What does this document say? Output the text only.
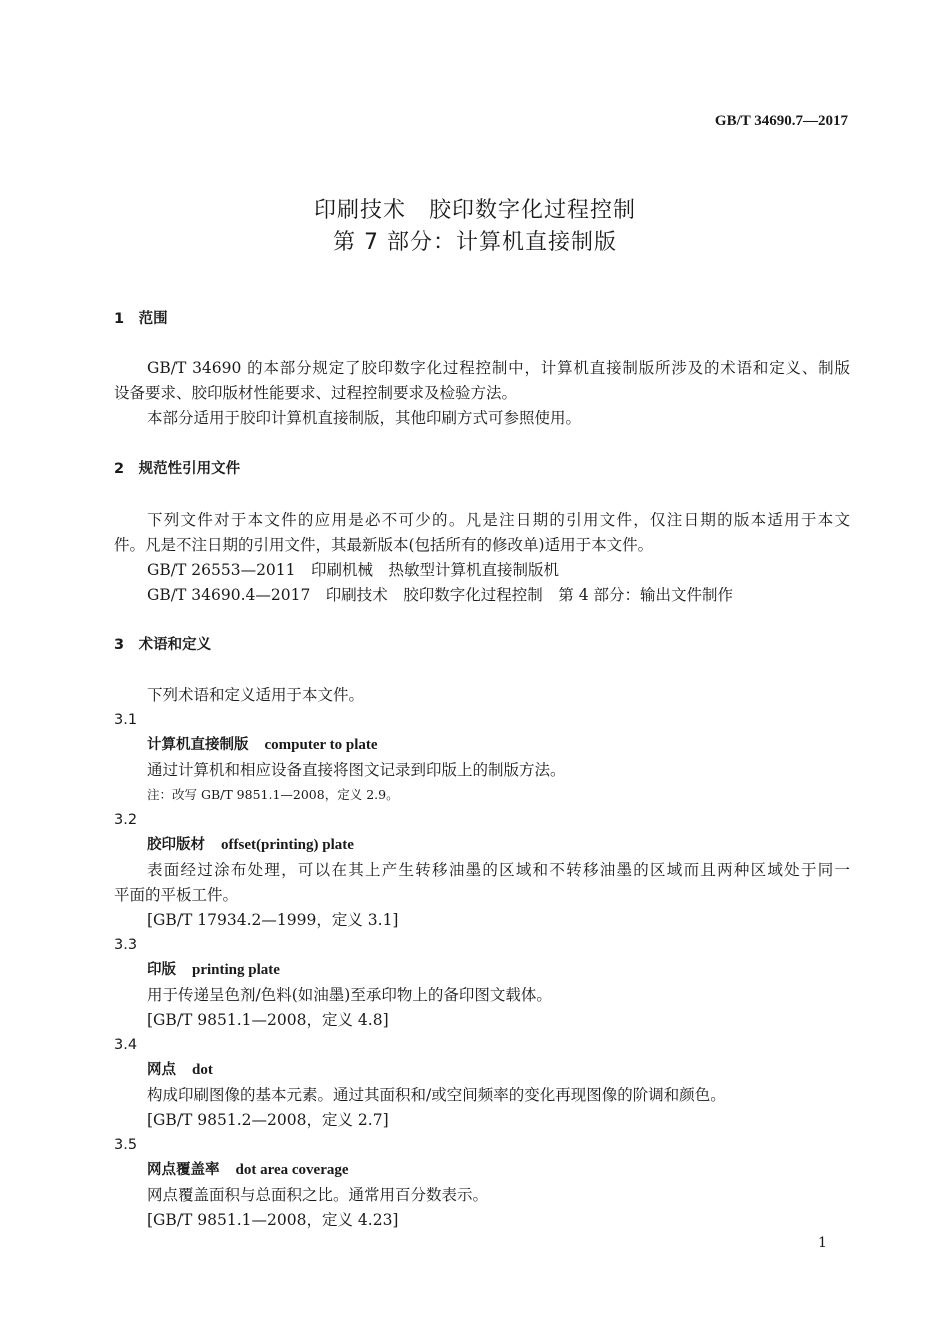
GB/T 34690.7—2017
印刷技术　胶印数字化过程控制
第 7 部分：计算机直接制版
1　范围
GB/T 34690 的本部分规定了胶印数字化过程控制中，计算机直接制版所涉及的术语和定义、制版
设备要求、胶印版材性能要求、过程控制要求及检验方法。
本部分适用于胶印计算机直接制版，其他印刷方式可参照使用。
2　规范性引用文件
下列文件对于本文件的应用是必不可少的。凡是注日期的引用文件，仅注日期的版本适用于本文
件。凡是不注日期的引用文件，其最新版本(包括所有的修改单)适用于本文件。
GB/T 26553—2011　印刷机械　热敏型计算机直接制版机
GB/T 34690.4—2017　印刷技术　胶印数字化过程控制　第 4 部分：输出文件制作
3　术语和定义
下列术语和定义适用于本文件。
3.1
计算机直接制版 computer to plate
通过计算机和相应设备直接将图文记录到印版上的制版方法。
注：改写 GB/T 9851.1—2008，定义 2.9。
3.2
胶印版材 offset(printing) plate
表面经过涂布处理，可以在其上产生转移油墨的区域和不转移油墨的区域而且两种区域处于同一
平面的平板工件。
[GB/T 17934.2—1999，定义 3.1]
3.3
印版 printing plate
用于传递呈色剂/色料(如油墨)至承印物上的备印图文载体。
[GB/T 9851.1—2008，定义 4.8]
3.4
网点 dot
构成印刷图像的基本元素。通过其面积和/或空间频率的变化再现图像的阶调和颜色。
[GB/T 9851.2—2008，定义 2.7]
3.5
网点覆盖率 dot area coverage
网点覆盖面积与总面积之比。通常用百分数表示。
[GB/T 9851.1—2008，定义 4.23]
1
